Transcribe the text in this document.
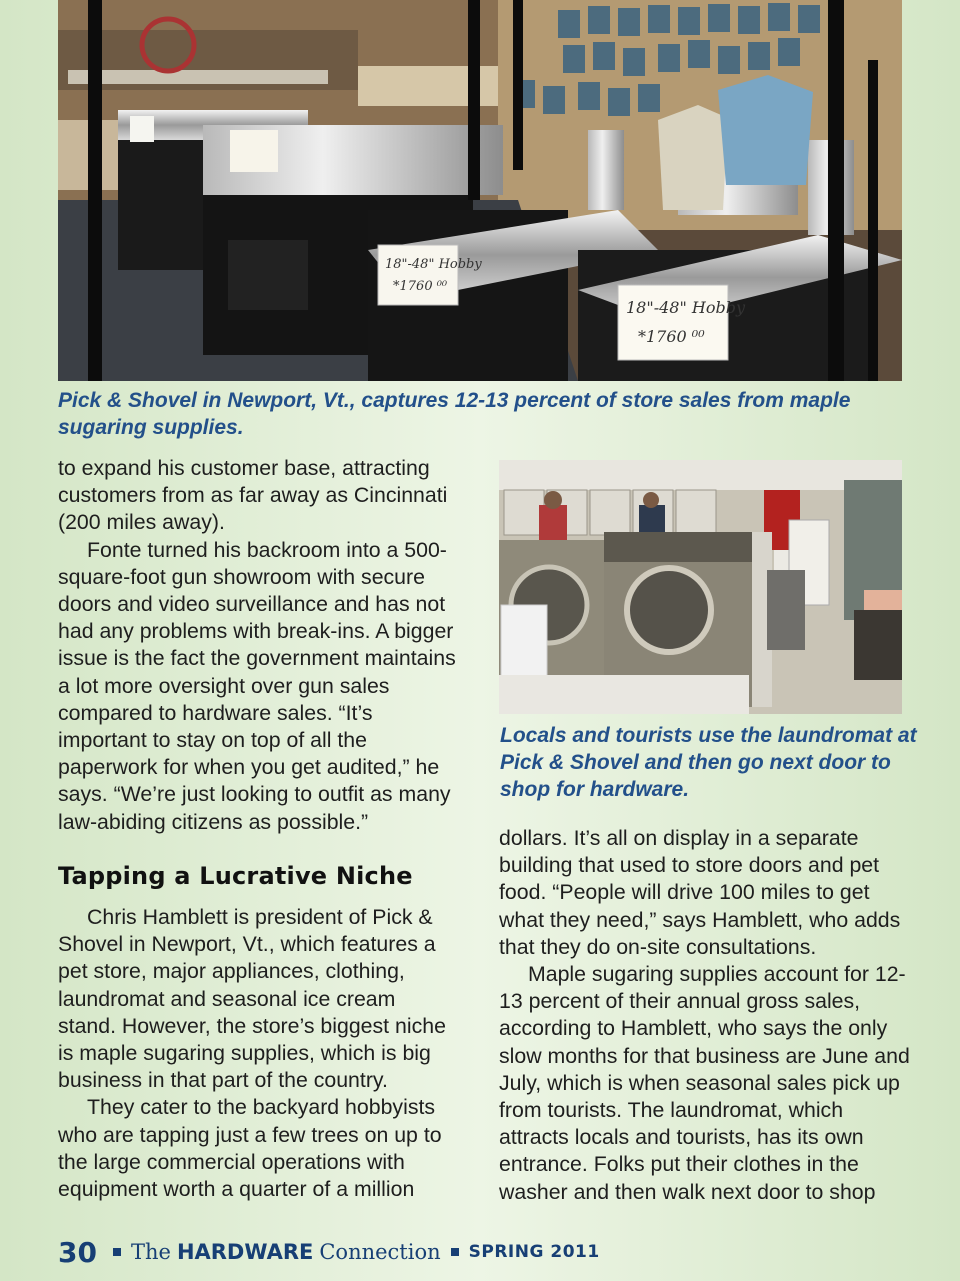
18"-48" Hobby
*1760 ⁰⁰
18"-48" Hobby
*1760 ⁰⁰

Pick & Shovel in Newport, Vt., captures 12-13 percent of store sales from maple sugaring supplies.

to expand his customer base, attracting customers from as far away as Cincinnati (200 miles away).

Fonte turned his backroom into a 500-square-foot gun showroom with secure doors and video surveillance and has not had any problems with break-ins. A bigger issue is the fact the government maintains a lot more oversight over gun sales compared to hardware sales. “It’s important to stay on top of all the paperwork for when you get audited,” he says. “We’re just looking to outfit as many law-abiding citizens as possible.”

Tapping a Lucrative Niche

Chris Hamblett is president of Pick & Shovel in Newport, Vt., which features a pet store, major appliances, clothing, laundromat and seasonal ice cream stand. However, the store’s biggest niche is maple sugaring supplies, which is big business in that part of the country.

They cater to the backyard hobbyists who are tapping just a few trees on up to the large commercial operations with equipment worth a quarter of a million

Locals and tourists use the laundromat at Pick & Shovel and then go next door to shop for hardware.

dollars. It’s all on display in a separate building that used to store doors and pet food. “People will drive 100 miles to get what they need,” says Hamblett, who adds that they do on-site consultations.

Maple sugaring supplies account for 12-13 percent of their annual gross sales, according to Hamblett, who says the only slow months for that business are June and July, which is when seasonal sales pick up from tourists. The laundromat, which attracts locals and tourists, has its own entrance. Folks put their clothes in the washer and then walk next door to shop

30 The HARDWARE Connection SPRING 2011
